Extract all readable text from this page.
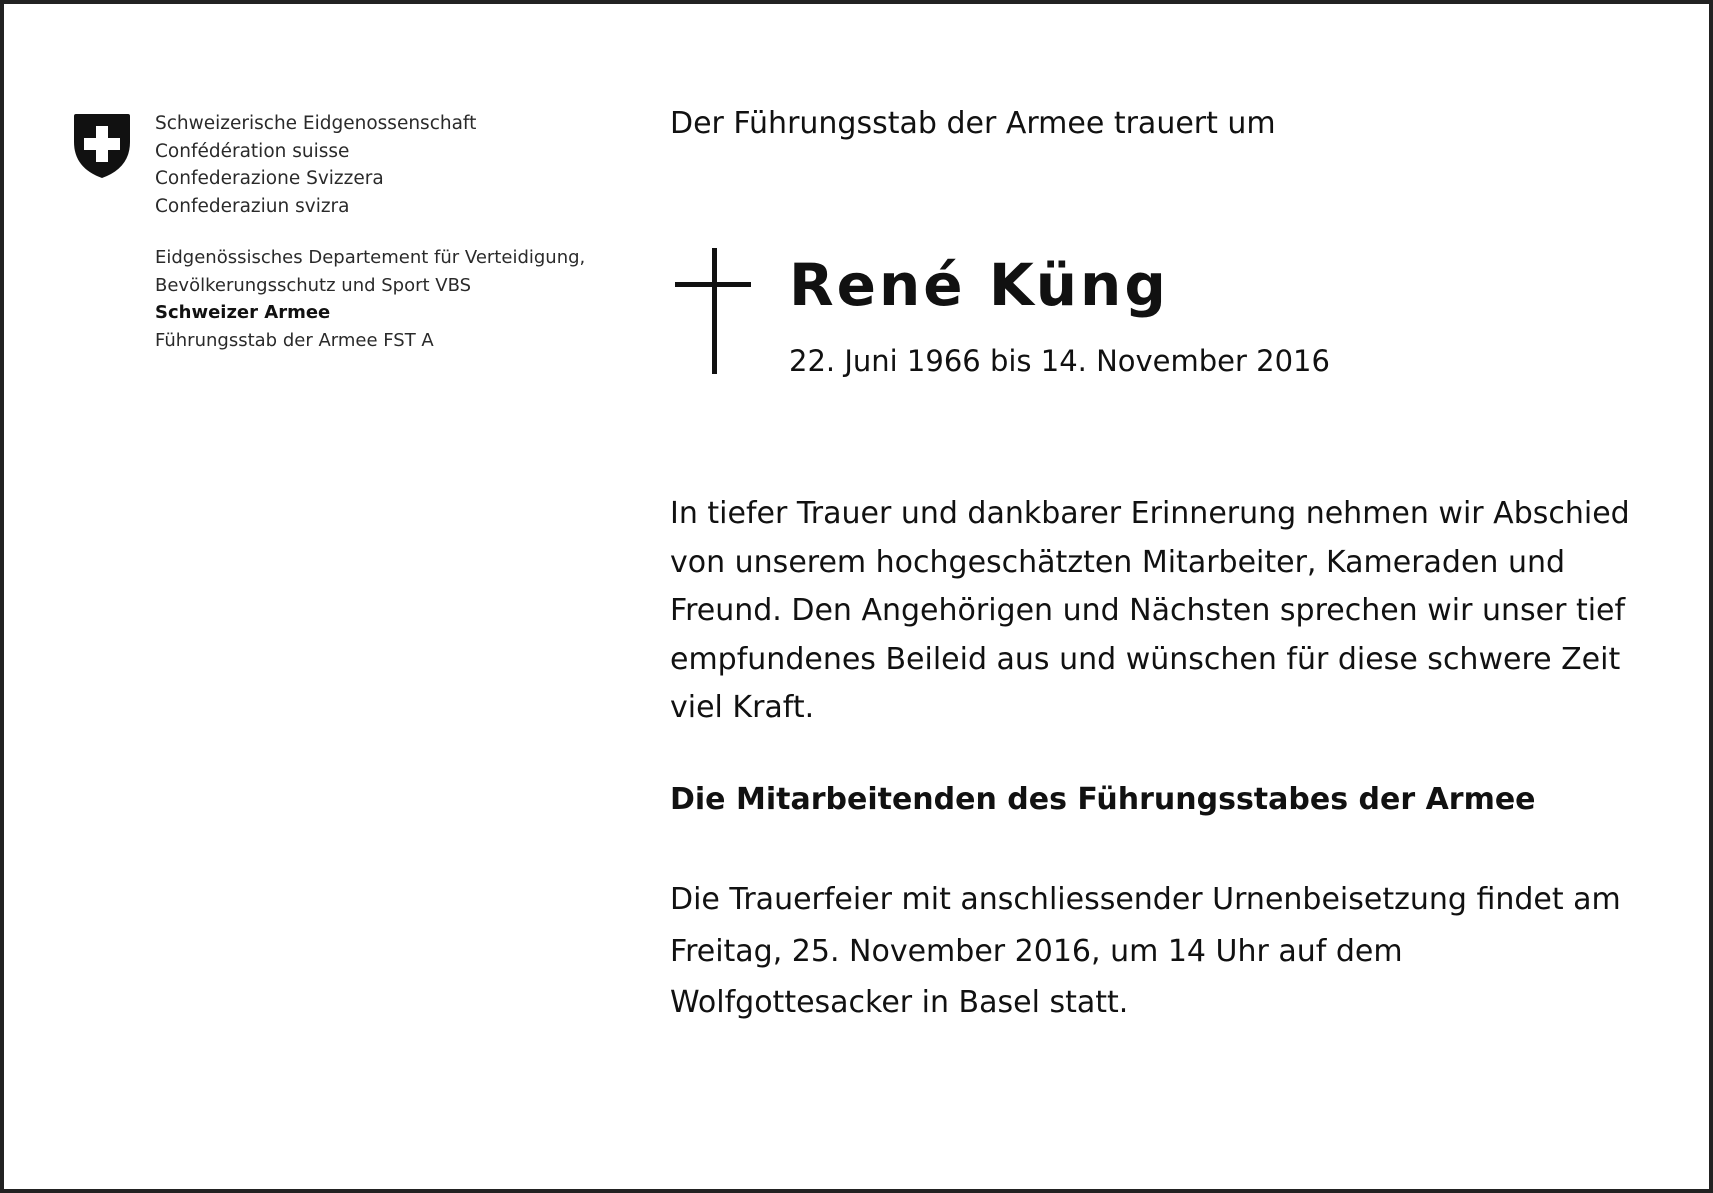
Schweizerische Eidgenossenschaft
Confédération suisse
Confederazione Svizzera
Confederaziun svizra
Eidgenössisches Departement für Verteidigung,
Bevölkerungsschutz und Sport VBS
Schweizer Armee
Führungsstab der Armee FST A
Der Führungsstab der Armee trauert um
René Küng
22. Juni 1966 bis 14. November 2016
In tiefer Trauer und dankbarer Erinnerung nehmen wir Abschied
von unserem hochgeschätzten Mitarbeiter, Kameraden und
Freund. Den Angehörigen und Nächsten sprechen wir unser tief
empfundenes Beileid aus und wünschen für diese schwere Zeit
viel Kraft.
Die Mitarbeitenden des Führungsstabes der Armee
Die Trauerfeier mit anschliessender Urnenbeisetzung findet am
Freitag, 25. November 2016, um 14 Uhr auf dem
Wolfgottesacker in Basel statt.
